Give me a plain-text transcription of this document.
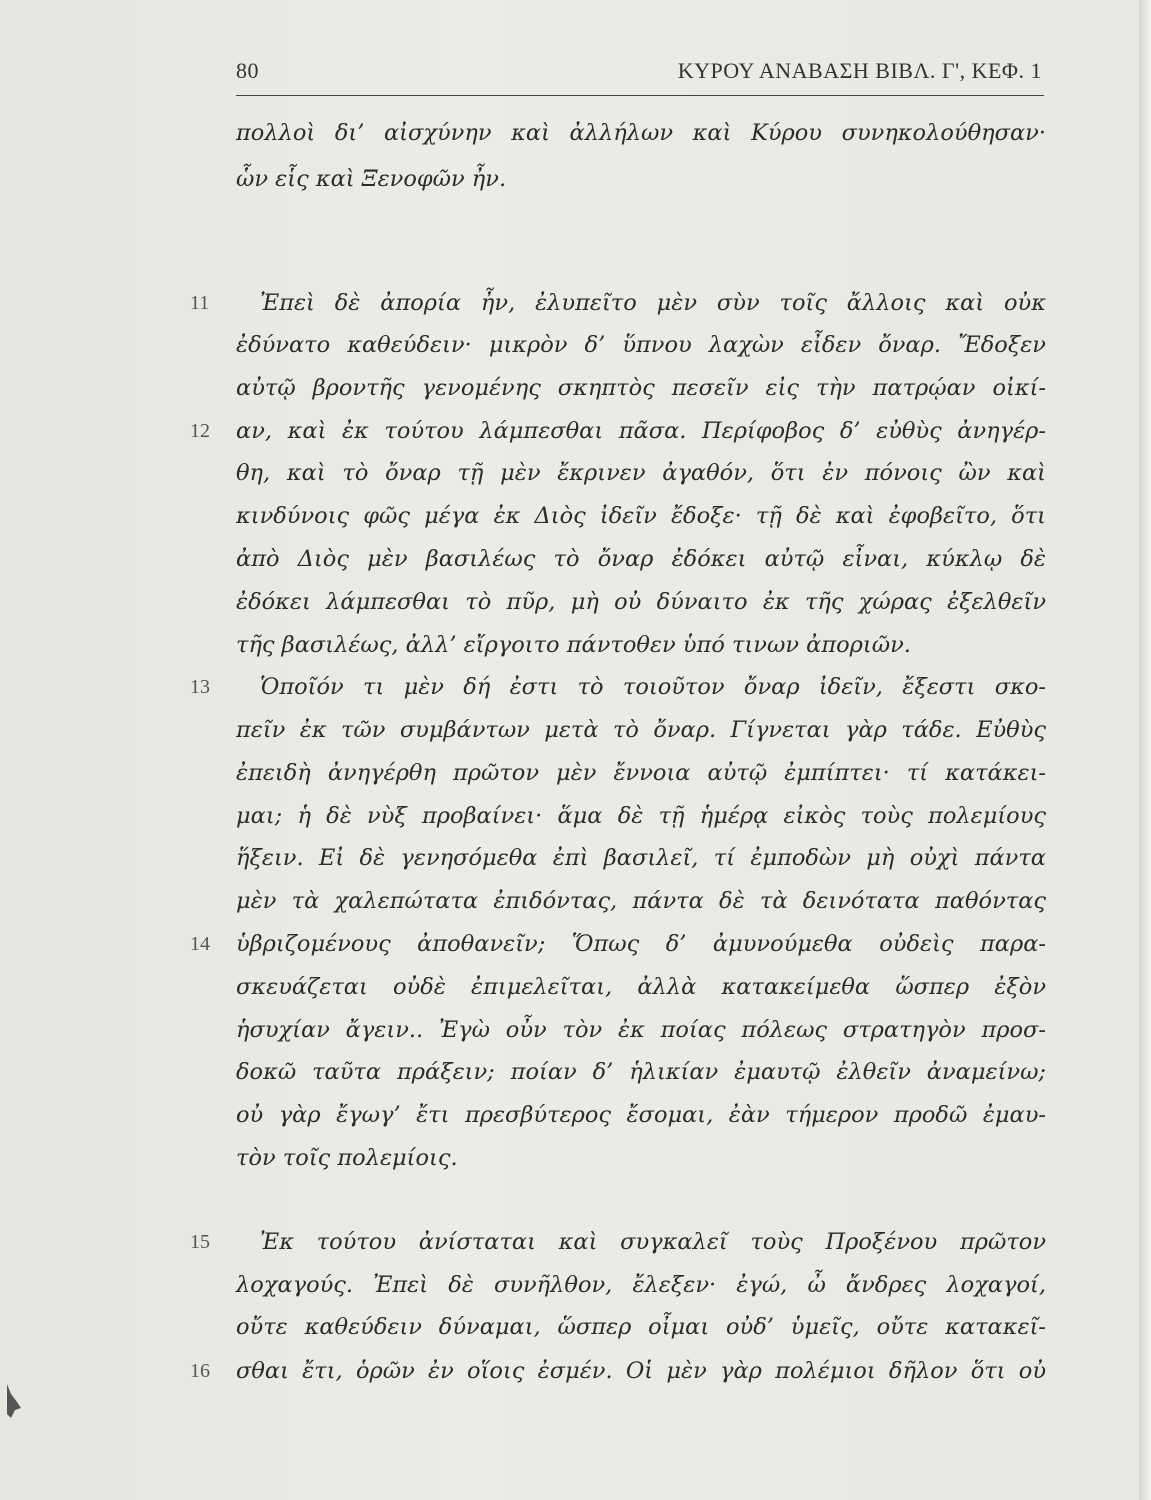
80	ΚΥΡΟΥ ΑΝΑΒΑΣΗ ΒΙΒΛ. Γ', ΚΕΦ. 1
πολλοὶ δι’ αἰσχύνην καὶ ἀλλήλων καὶ Κύρου συνηκολούθησαν·
ὧν εἷς καὶ Ξενοφῶν ἦν.
11	Ἐπεὶ δὲ ἀπορία ἦν, ἐλυπεῖτο μὲν σὺν τοῖς ἄλλοις καὶ οὐκ
ἐδύνατο καθεύδειν· μικρὸν δ’ ὕπνου λαχὼν εἶδεν ὄναρ. Ἔδοξεν
αὐτῷ βροντῆς γενομένης σκηπτὸς πεσεῖν εἰς τὴν πατρῴαν οἰκί-
12	αν, καὶ ἐκ τούτου λάμπεσθαι πᾶσα. Περίφοβος δ’ εὐθὺς ἀνηγέρ-
θη, καὶ τὸ ὄναρ τῇ μὲν ἔκρινεν ἀγαθόν, ὅτι ἐν πόνοις ὢν καὶ
κινδύνοις φῶς μέγα ἐκ Διὸς ἰδεῖν ἔδοξε· τῇ δὲ καὶ ἐφοβεῖτο, ὅτι
ἀπὸ Διὸς μὲν βασιλέως τὸ ὄναρ ἐδόκει αὐτῷ εἶναι, κύκλῳ δὲ
ἐδόκει λάμπεσθαι τὸ πῦρ, μὴ οὐ δύναιτο ἐκ τῆς χώρας ἐξελθεῖν
τῆς βασιλέως, ἀλλ’ εἴργοιτο πάντοθεν ὑπό τινων ἀποριῶν.
13	Ὁποῖόν τι μὲν δή ἐστι τὸ τοιοῦτον ὄναρ ἰδεῖν, ἔξεστι σκο-
πεῖν ἐκ τῶν συμβάντων μετὰ τὸ ὄναρ. Γίγνεται γὰρ τάδε. Εὐθὺς
ἐπειδὴ ἀνηγέρθη πρῶτον μὲν ἔννοια αὐτῷ ἐμπίπτει· τί κατάκει-
μαι; ἡ δὲ νὺξ προβαίνει· ἅμα δὲ τῇ ἡμέρᾳ εἰκὸς τοὺς πολεμίους
ἥξειν. Εἰ δὲ γενησόμεθα ἐπὶ βασιλεῖ, τί ἐμποδὼν μὴ οὐχὶ πάντα
μὲν τὰ χαλεπώτατα ἐπιδόντας, πάντα δὲ τὰ δεινότατα παθόντας
14	ὑβριζομένους ἀποθανεῖν; Ὅπως δ’ ἀμυνούμεθα οὐδεὶς παρα-
σκευάζεται οὐδὲ ἐπιμελεῖται, ἀλλὰ κατακείμεθα ὥσπερ ἐξὸν
ἡσυχίαν ἄγειν.. Ἐγὼ οὖν τὸν ἐκ ποίας πόλεως στρατηγὸν προσ-
δοκῶ ταῦτα πράξειν; ποίαν δ’ ἡλικίαν ἐμαυτῷ ἐλθεῖν ἀναμείνω;
οὐ γὰρ ἔγωγ’ ἔτι πρεσβύτερος ἔσομαι, ἐὰν τήμερον προδῶ ἐμαυ-
τὸν τοῖς πολεμίοις.
15	Ἐκ τούτου ἀνίσταται καὶ συγκαλεῖ τοὺς Προξένου πρῶτον
λοχαγούς. Ἐπεὶ δὲ συνῆλθον, ἔλεξεν· ἐγώ, ὦ ἄνδρες λοχαγοί,
οὔτε καθεύδειν δύναμαι, ὥσπερ οἶμαι οὐδ’ ὑμεῖς, οὔτε κατακεῖ-
16	σθαι ἔτι, ὁρῶν ἐν οἵοις ἐσμέν. Οἱ μὲν γὰρ πολέμιοι δῆλον ὅτι οὐ
